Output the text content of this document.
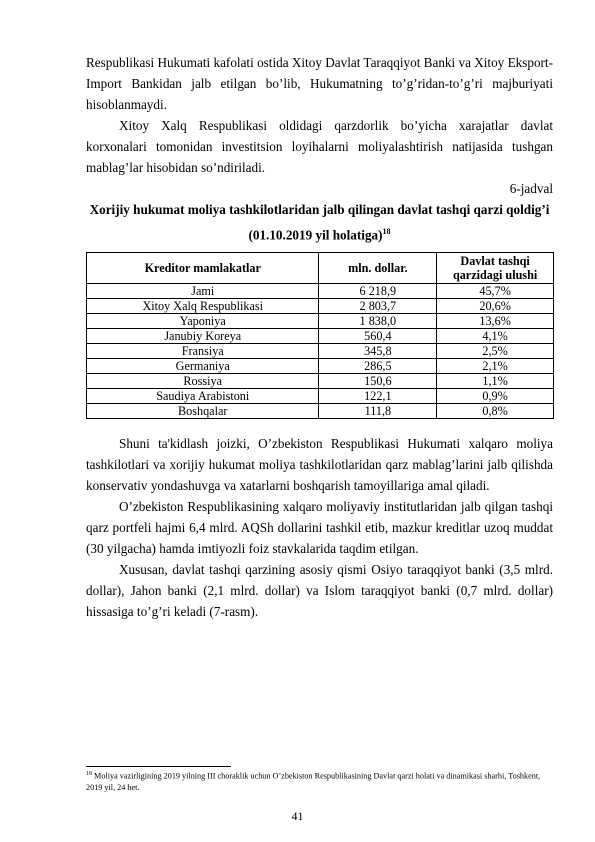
Respublikasi Hukumati kafolati ostida Xitoy Davlat Taraqqiyot Banki va Xitoy Eksport- Import Bankidan jalb etilgan bo’lib, Hukumatning to’g’ridan-to’g’ri majburiyati hisoblanmaydi.

Xitoy Xalq Respublikasi oldidagi qarzdorlik bo’yicha xarajatlar davlat korxonalari tomonidan investitsion loyihalarni moliyalashtirish natijasida tushgan mablag’lar hisobidan so’ndiriladi.

6-jadval
Xorijiy hukumat moliya tashkilotlaridan jalb qilingan davlat tashqi qarzi qoldig’i (01.10.2019 yil holatiga)$^{18}$
Kreditor mamlakatlar	mln. dollar.	Davlat tashqi qarzidagi ulushi
Jami	6 218,9	45,7%
Xitoy Xalq Respublikasi	2 803,7	20,6%
Yaponiya	1 838,0	13,6%
Janubiy Koreya	560,4	4,1%
Fransiya	345,8	2,5%
Germaniya	286,5	2,1%
Rossiya	150,6	1,1%
Saudiya Arabistoni	122,1	0,9%
Boshqalar	111,8	0,8%

Shuni ta'kidlash joizki, O’zbekiston Respublikasi Hukumati xalqaro moliya tashkilotlari va xorijiy hukumat moliya tashkilotlaridan qarz mablag’larini jalb qilishda konservativ yondashuvga va xatarlarni boshqarish tamoyillariga amal qiladi.

O’zbekiston Respublikasining xalqaro moliyaviy institutlaridan jalb qilgan tashqi qarz portfeli hajmi 6,4 mlrd. AQSh dollarini tashkil etib, mazkur kreditlar uzoq muddat (30 yilgacha) hamda imtiyozli foiz stavkalarida taqdim etilgan.

Xususan, davlat tashqi qarzining asosiy qismi Osiyo taraqqiyot banki (3,5 mlrd. dollar), Jahon banki (2,1 mlrd. dollar) va Islom taraqqiyot banki (0,7 mlrd. dollar) hissasiga to’g’ri keladi (7-rasm).

$^{18}$ Moliya vazirligining 2019 yilning III choraklik uchun O’zbekiston Respublikasining Davlat qarzi holati va dinamikasi sharhi, Toshkent, 2019 yil, 24 bet.
41
